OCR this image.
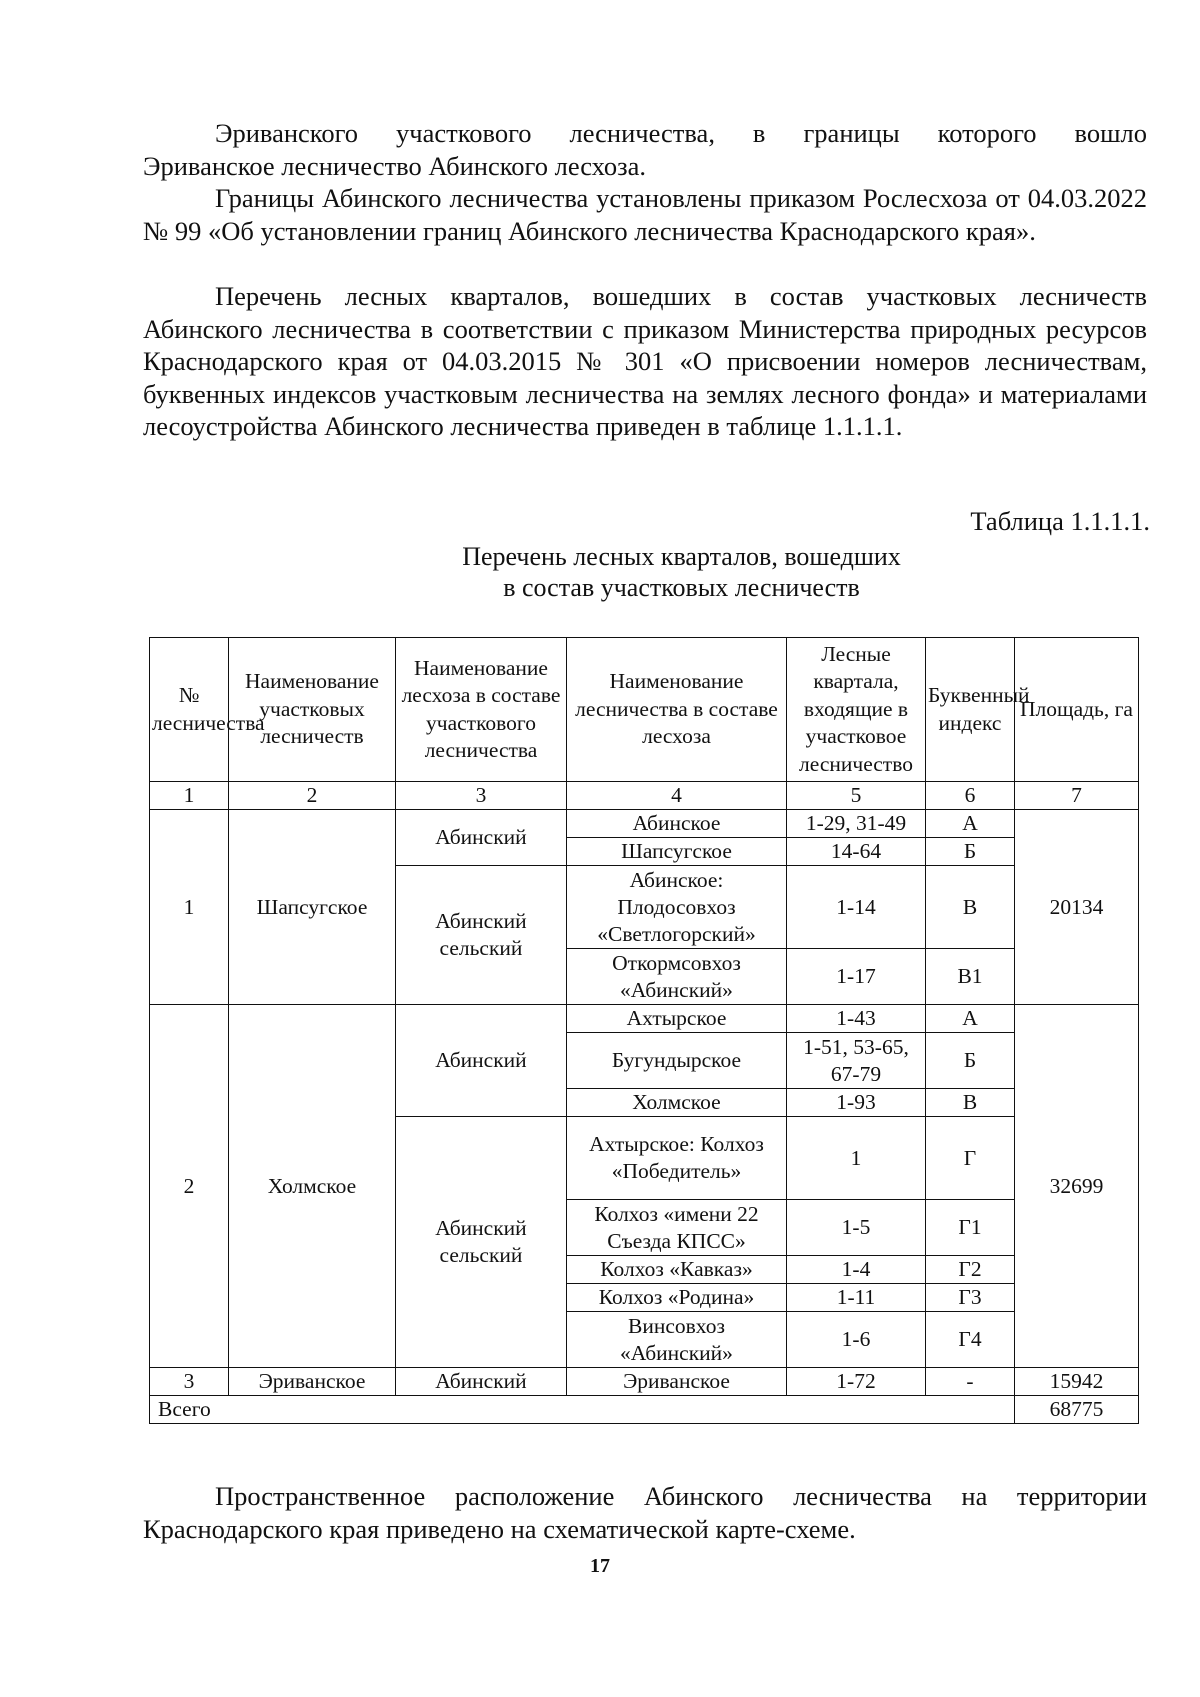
Эриванского участкового лесничества, в границы которого вошло

Эриванское лесничество Абинского лесхоза.

Границы Абинского лесничества установлены приказом Рослесхоза от 04.03.2022 № 99 «Об установлении границ Абинского лесничества Краснодарского края».

Перечень лесных кварталов, вошедших в состав участковых лесничеств Абинского лесничества в соответствии с приказом Министерства природных ресурсов Краснодарского края от 04.03.2015 № 301 «О присвоении номеров лесничествам, буквенных индексов участковым лесничества на землях лесного фонда» и материалами лесоустройства Абинского лесничества приведен в таблице 1.1.1.1.

Таблица 1.1.1.1.
Перечень лесных кварталов, вошедших
в состав участковых лесничеств
№ лесничества	Наименование участковых лесничеств	Наименование лесхоза в составе участкового лесничества	Наименование лесничества в составе лесхоза	Лесные квартала, входящие в участковое лесничество	Буквенный индекс	Площадь, га
1	2	3	4	5	6	7
1	Шапсугское	Абинский	Абинское	1-29, 31-49	А	20134
			Шапсугское	14-64	Б	
		Абинский сельский	Абинское: Плодосовхоз «Светлогорский»	1-14	В	
			Откормсовхоз «Абинский»	1-17	В1	
2	Холмское	Абинский	Ахтырское	1-43	А	32699
			Бугундырское	1-51, 53-65, 67-79	Б	
			Холмское	1-93	В	
		Абинский сельский	Ахтырское: Колхоз «Победитель»	1	Г	
			Колхоз «имени 22 Съезда КПСС»	1-5	Г1	
			Колхоз «Кавказ»	1-4	Г2	
			Колхоз «Родина»	1-11	Г3	
			Винсовхоз «Абинский»	1-6	Г4	
3	Эриванское	Абинский	Эриванское	1-72	-	15942
Всего						68775

Пространственное расположение Абинского лесничества на территории Краснодарского края приведено на схематической карте-схеме.

17
